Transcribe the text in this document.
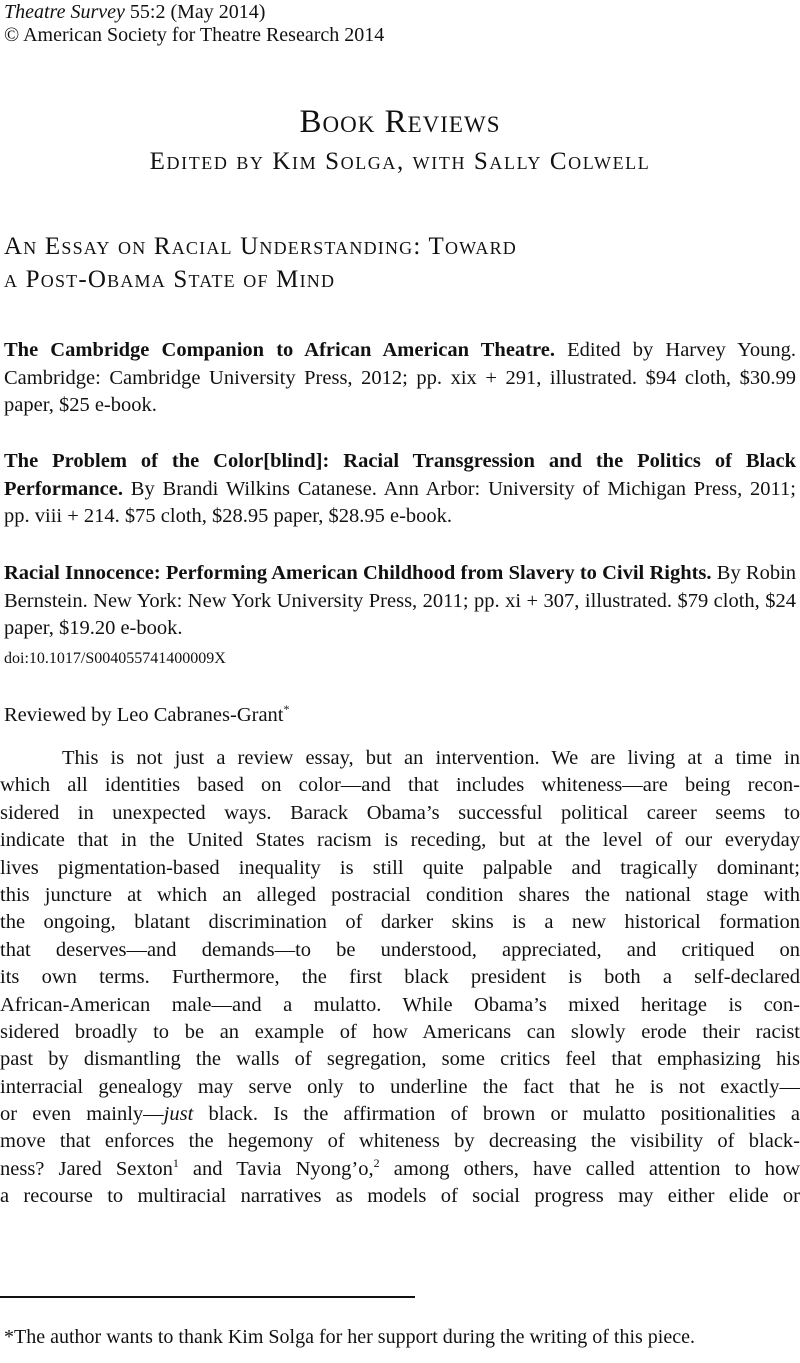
Theatre Survey 55:2 (May 2014)

© American Society for Theatre Research 2014

Book Reviews

Edited by Kim Solga, with Sally Colwell

An Essay on Racial Understanding: Toward
a Post-Obama State of Mind

The Cambridge Companion to African American Theatre. Edited by Harvey Young. Cambridge: Cambridge University Press, 2012; pp. xix + 291, illustrated. $94 cloth, $30.99 paper, $25 e-book.

The Problem of the Color[blind]: Racial Transgression and the Politics of Black Performance. By Brandi Wilkins Catanese. Ann Arbor: University of Michigan Press, 2011; pp. viii + 214. $75 cloth, $28.95 paper, $28.95 e-book.

Racial Innocence: Performing American Childhood from Slavery to Civil Rights. By Robin Bernstein. New York: New York University Press, 2011; pp. xi + 307, illustrated. $79 cloth, $24 paper, $19.20 e-book.

doi:10.1017/S004055741400009X

Reviewed by Leo Cabranes-Grant*

This is not just a review essay, but an intervention. We are living at a time in
which all identities based on color—and that includes whiteness—are being recon-
sidered in unexpected ways. Barack Obama’s successful political career seems to
indicate that in the United States racism is receding, but at the level of our everyday
lives pigmentation-based inequality is still quite palpable and tragically dominant;
this juncture at which an alleged postracial condition shares the national stage with
the ongoing, blatant discrimination of darker skins is a new historical formation
that deserves—and demands—to be understood, appreciated, and critiqued on
its own terms. Furthermore, the first black president is both a self-declared
African-American male—and a mulatto. While Obama’s mixed heritage is con-
sidered broadly to be an example of how Americans can slowly erode their racist
past by dismantling the walls of segregation, some critics feel that emphasizing his
interracial genealogy may serve only to underline the fact that he is not exactly—
or even mainly—just black. Is the affirmation of brown or mulatto positionalities a
move that enforces the hegemony of whiteness by decreasing the visibility of black-
ness? Jared Sexton$^1$ and Tavia Nyong’o,$^2$ among others, have called attention to how
a recourse to multiracial narratives as models of social progress may either elide or

*The author wants to thank Kim Solga for her support during the writing of this piece.
